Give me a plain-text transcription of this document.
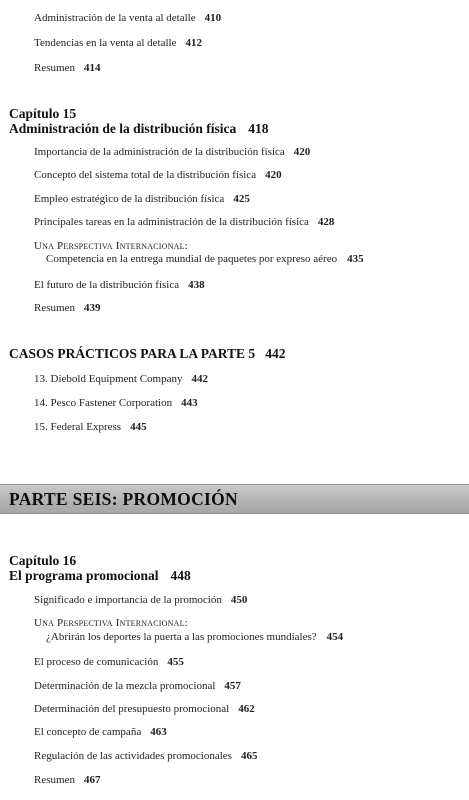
Administración de la venta al detalle 410
Tendencias en la venta al detalle 412
Resumen 414
Capítulo 15
Administración de la distribución física 418
Importancia de la administración de la distribución física 420
Concepto del sistema total de la distribución física 420
Empleo estratégico de la distribución física 425
Principales tareas en la administración de la distribución física 428
Una Perspectiva Internacional:
Competencia en la entrega mundial de paquetes por expreso aéreo 435
El futuro de la distribución física 438
Resumen 439
CASOS PRÁCTICOS PARA LA PARTE 5 442
13. Diebold Equipment Company 442
14. Pesco Fastener Corporation 443
15. Federal Express 445
PARTE SEIS: PROMOCIÓN
Capítulo 16
El programa promocional 448
Significado e importancia de la promoción 450
Una Perspectiva Internacional:
¿Abrirán los deportes la puerta a las promociones mundiales? 454
El proceso de comunicación 455
Determinación de la mezcla promocional 457
Determinación del presupuesto promocional 462
El concepto de campaña 463
Regulación de las actividades promocionales 465
Resumen 467
